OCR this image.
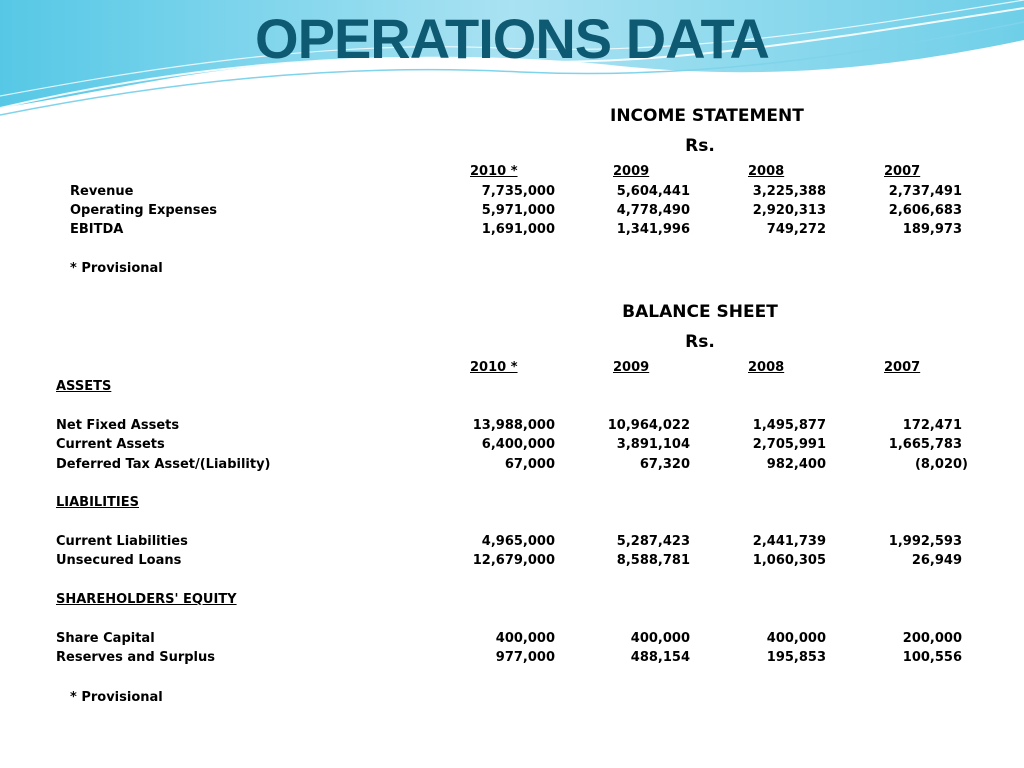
OPERATIONS DATA
INCOME STATEMENT
Rs.
2010 *	2009	2008	2007
Revenue	7,735,000	5,604,441	3,225,388	2,737,491
Operating Expenses	5,971,000	4,778,490	2,920,313	2,606,683
EBITDA	1,691,000	1,341,996	749,272	189,973
* Provisional
BALANCE SHEET
Rs.
2010 *	2009	2008	2007
ASSETS
Net Fixed Assets	13,988,000	10,964,022	1,495,877	172,471
Current Assets	6,400,000	3,891,104	2,705,991	1,665,783
Deferred Tax Asset/(Liability)	67,000	67,320	982,400	(8,020)
LIABILITIES
Current Liabilities	4,965,000	5,287,423	2,441,739	1,992,593
Unsecured Loans	12,679,000	8,588,781	1,060,305	26,949
SHAREHOLDERS' EQUITY
Share Capital	400,000	400,000	400,000	200,000
Reserves and Surplus	977,000	488,154	195,853	100,556
* Provisional
